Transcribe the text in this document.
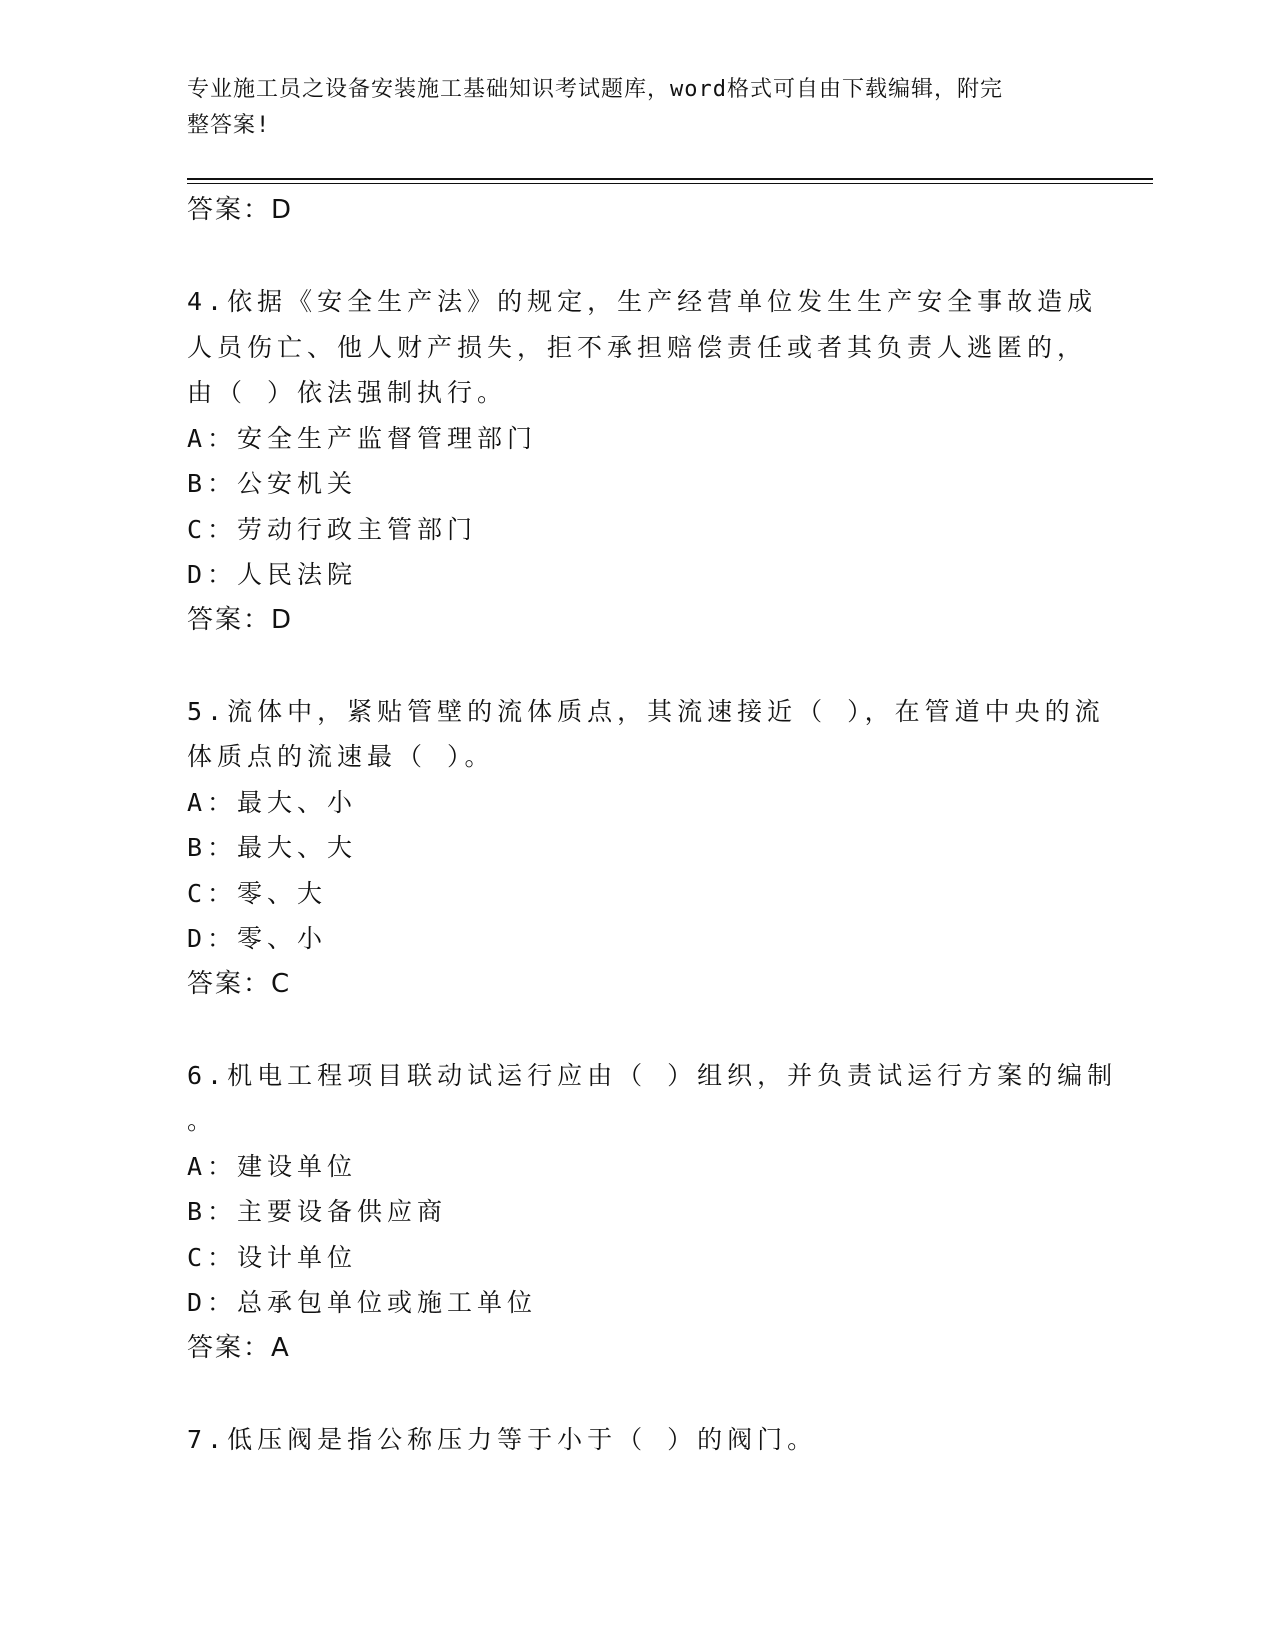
专业施工员之设备安装施工基础知识考试题库，word格式可自由下载编辑，附完
整答案!
答案：D
4.依据《安全生产法》的规定，生产经营单位发生生产安全事故造成
人员伤亡、他人财产损失，拒不承担赔偿责任或者其负责人逃匿的，
由（ ）依法强制执行。
A：安全生产监督管理部门
B：公安机关
C：劳动行政主管部门
D：人民法院
答案：D
5.流体中，紧贴管壁的流体质点，其流速接近（ ），在管道中央的流
体质点的流速最（ ）。
A：最大、小
B：最大、大
C：零、大
D：零、小
答案：C
6.机电工程项目联动试运行应由（ ）组织，并负责试运行方案的编制
。
A：建设单位
B：主要设备供应商
C：设计单位
D：总承包单位或施工单位
答案：A
7.低压阀是指公称压力等于小于（ ）的阀门。
